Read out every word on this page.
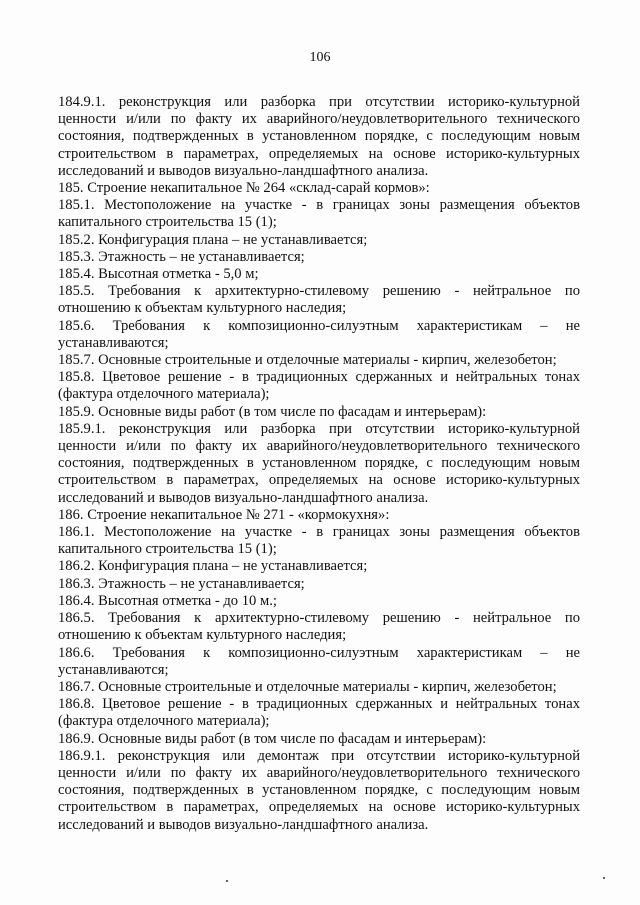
106

184.9.1. реконструкция или разборка при отсутствии историко-культурной ценности и/или по факту их аварийного/неудовлетворительного технического состояния, подтвержденных в установленном порядке, с последующим новым строительством в параметрах, определяемых на основе историко-культурных исследований и выводов визуально-ландшафтного анализа.

185. Строение некапитальное № 264 «склад-сарай кормов»:

185.1. Местоположение на участке - в границах зоны размещения объектов капитального строительства 15 (1);

185.2. Конфигурация плана – не устанавливается;

185.3. Этажность – не устанавливается;

185.4. Высотная отметка - 5,0 м;

185.5. Требования к архитектурно-стилевому решению - нейтральное по отношению к объектам культурного наследия;

185.6. Требования к композиционно-силуэтным характеристикам – не устанавливаются;

185.7. Основные строительные и отделочные материалы - кирпич, железобетон;

185.8. Цветовое решение - в традиционных сдержанных и нейтральных тонах (фактура отделочного материала);

185.9. Основные виды работ (в том числе по фасадам и интерьерам):

185.9.1. реконструкция или разборка при отсутствии историко-культурной ценности и/или по факту их аварийного/неудовлетворительного технического состояния, подтвержденных в установленном порядке, с последующим новым строительством в параметрах, определяемых на основе историко-культурных исследований и выводов визуально-ландшафтного анализа.

186. Строение некапитальное № 271 - «кормокухня»:

186.1. Местоположение на участке - в границах зоны размещения объектов капитального строительства 15 (1);

186.2. Конфигурация плана – не устанавливается;

186.3. Этажность – не устанавливается;

186.4. Высотная отметка - до 10 м.;

186.5. Требования к архитектурно-стилевому решению - нейтральное по отношению к объектам культурного наследия;

186.6. Требования к композиционно-силуэтным характеристикам – не устанавливаются;

186.7. Основные строительные и отделочные материалы - кирпич, железобетон;

186.8. Цветовое решение - в традиционных сдержанных и нейтральных тонах (фактура отделочного материала);

186.9. Основные виды работ (в том числе по фасадам и интерьерам):

186.9.1. реконструкция или демонтаж при отсутствии историко-культурной ценности и/или по факту их аварийного/неудовлетворительного технического состояния, подтвержденных в установленном порядке, с последующим новым строительством в параметрах, определяемых на основе историко-культурных исследований и выводов визуально-ландшафтного анализа.
